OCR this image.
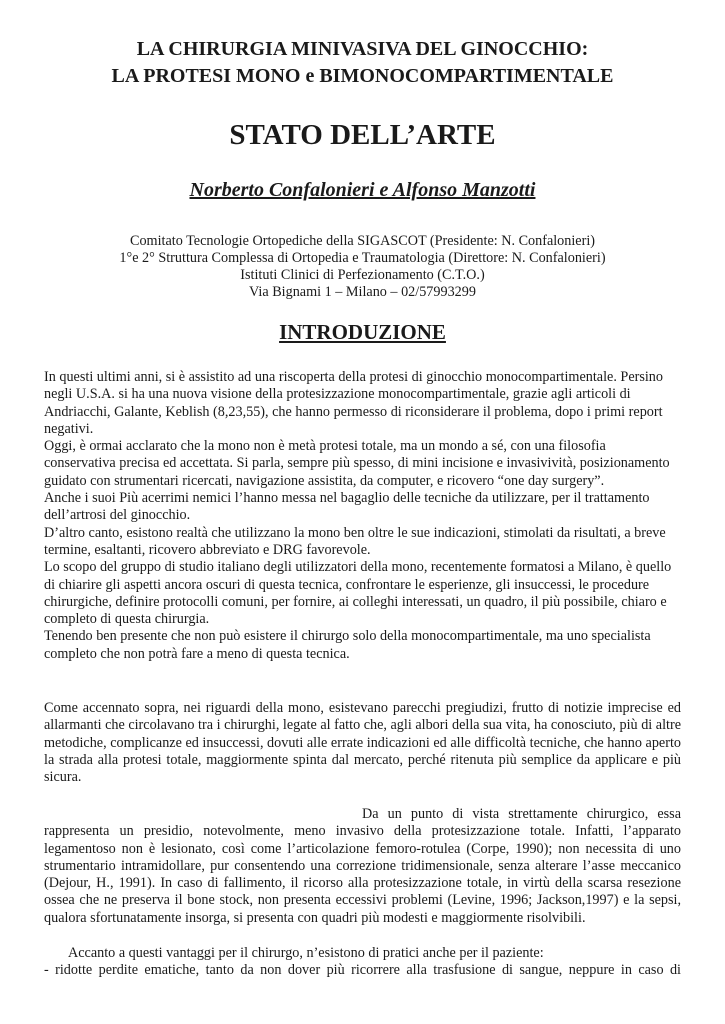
LA CHIRURGIA MINIVASIVA DEL GINOCCHIO:
LA PROTESI MONO e BIMONOCOMPARTIMENTALE
STATO DELL’ARTE
Norberto Confalonieri e Alfonso Manzotti
Comitato Tecnologie Ortopediche della SIGASCOT (Presidente: N. Confalonieri)
1°e 2° Struttura Complessa di Ortopedia e Traumatologia (Direttore: N. Confalonieri)
Istituti Clinici di Perfezionamento (C.T.O.)
Via Bignami 1 – Milano – 02/57993299
INTRODUZIONE

In questi ultimi anni, si è assistito ad una riscoperta della protesi di ginocchio monocompartimentale. Persino negli U.S.A. si ha una nuova visione della protesizzazione monocompartimentale, grazie agli articoli di Andriacchi, Galante, Keblish (8,23,55), che hanno permesso di riconsiderare il problema, dopo i primi report negativi.

Oggi, è ormai acclarato che la mono non è metà protesi totale, ma un mondo a sé, con una filosofia conservativa precisa ed accettata. Si parla, sempre più spesso, di mini incisione e invasivività, posizionamento guidato con strumentari ricercati, navigazione assistita, da computer, e ricovero “one day surgery”.

Anche i suoi Più acerrimi nemici l’hanno messa nel bagaglio delle tecniche da utilizzare, per il trattamento dell’artrosi del ginocchio.

D’altro canto, esistono realtà che utilizzano la mono ben oltre le sue indicazioni, stimolati da risultati, a breve termine, esaltanti, ricovero abbreviato e DRG favorevole.

Lo scopo del gruppo di studio italiano degli utilizzatori della mono, recentemente formatosi a Milano, è quello di chiarire gli aspetti ancora oscuri di questa tecnica, confrontare le esperienze, gli insuccessi, le procedure chirurgiche, definire protocolli comuni, per fornire, ai colleghi interessati, un quadro, il più possibile, chiaro e completo di questa chirurgia.

Tenendo ben presente che non può esistere il chirurgo solo della monocompartimentale, ma uno specialista completo che non potrà fare a meno di questa tecnica.

Come accennato sopra, nei riguardi della mono, esistevano parecchi pregiudizi, frutto di notizie imprecise ed allarmanti che circolavano tra i chirurghi, legate al fatto che, agli albori della sua vita, ha conosciuto, più di altre metodiche, complicanze ed insuccessi, dovuti alle errate indicazioni ed alle difficoltà tecniche, che hanno aperto la strada alla protesi totale, maggiormente spinta dal mercato, perché ritenuta più semplice da applicare e più sicura.

Da un punto di vista strettamente chirurgico, essa rappresenta un presidio, notevolmente, meno invasivo della protesizzazione totale. Infatti, l’apparato legamentoso non è lesionato, così come l’articolazione femoro-rotulea (Corpe, 1990); non necessita di uno strumentario intramidollare, pur consentendo una correzione tridimensionale, senza alterare l’asse meccanico (Dejour, H., 1991). In caso di fallimento, il ricorso alla protesizzazione totale, in virtù della scarsa resezione ossea che ne preserva il bone stock, non presenta eccessivi problemi (Levine, 1996; Jackson,1997) e la sepsi, qualora sfortunatamente insorga, si presenta con quadri più modesti e maggiormente risolvibili.

Accanto a questi vantaggi per il chirurgo, n’esistono di pratici anche per il paziente:

- ridotte perdite ematiche, tanto da non dover più ricorrere alla trasfusione di sangue, neppure in caso di
